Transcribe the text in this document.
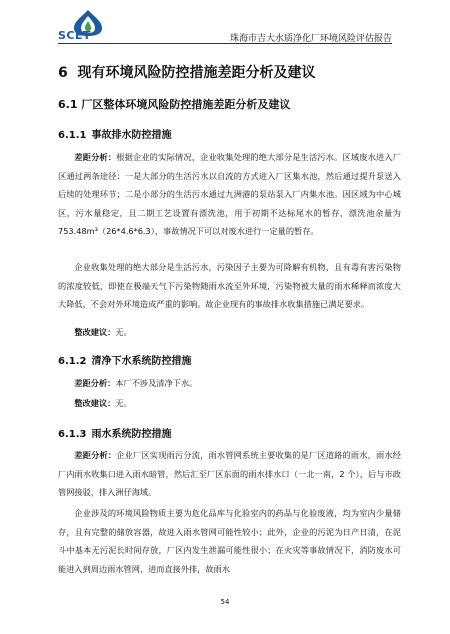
SCET	珠海市吉大水质净化厂环境风险评估报告
6 现有环境风险防控措施差距分析及建议
6.1 厂区整体环境风险防控措施差距分析及建议
6.1.1 事故排水防控措施
差距分析：根据企业的实际情况，企业收集处理的绝大部分是生活污水。区域废水进入厂区通过两条途径：一是大部分的生活污水以自流的方式进入厂区集水池，然后通过提升泵送入后续的处理环节；二是小部分的生活污水通过九洲港的泵站泵入厂内集水池。因区域为中心城区，污水量稳定，且二期工艺设置有漂洗池，用于初期不达标尾水的暂存，漂洗池余量为 753.48m³（26*4.6*6.3），事故情况下可以对废水进行一定量的暂存。
企业收集处理的绝大部分是生活污水，污染因子主要为可降解有机物，且有毒有害污染物的浓度较低，即使在极端天气下污染物随雨水流至外环境，污染物被大量的雨水稀释而浓度大大降低，不会对外环境造成严重的影响。故企业现有的事故排水收集措施已满足要求。
整改建议：无。
6.1.2 清净下水系统防控措施
差距分析：本厂不涉及清净下水。
整改建议：无。
6.1.3 雨水系统防控措施
差距分析：企业厂区实现雨污分流，雨水管网系统主要收集的是厂区道路的雨水，雨水经厂内雨水收集口进入雨水暗管，然后汇至厂区东面的雨水排水口（一北一南，2 个），后与市政管网接驳，排入洲仔海域。
企业涉及的环境风险物质主要为危化品库与化验室内的药品与化验废液，均为室内少量储存，且有完整的储放容器，故进入雨水管网可能性较小；此外，企业的污泥为日产日清，在泥斗中基本无污泥长时间存放，厂区内发生泄漏可能性很小；在火灾等事故情况下，消防废水可能进入到周边雨水管网，进而直接外排，故雨水
54
